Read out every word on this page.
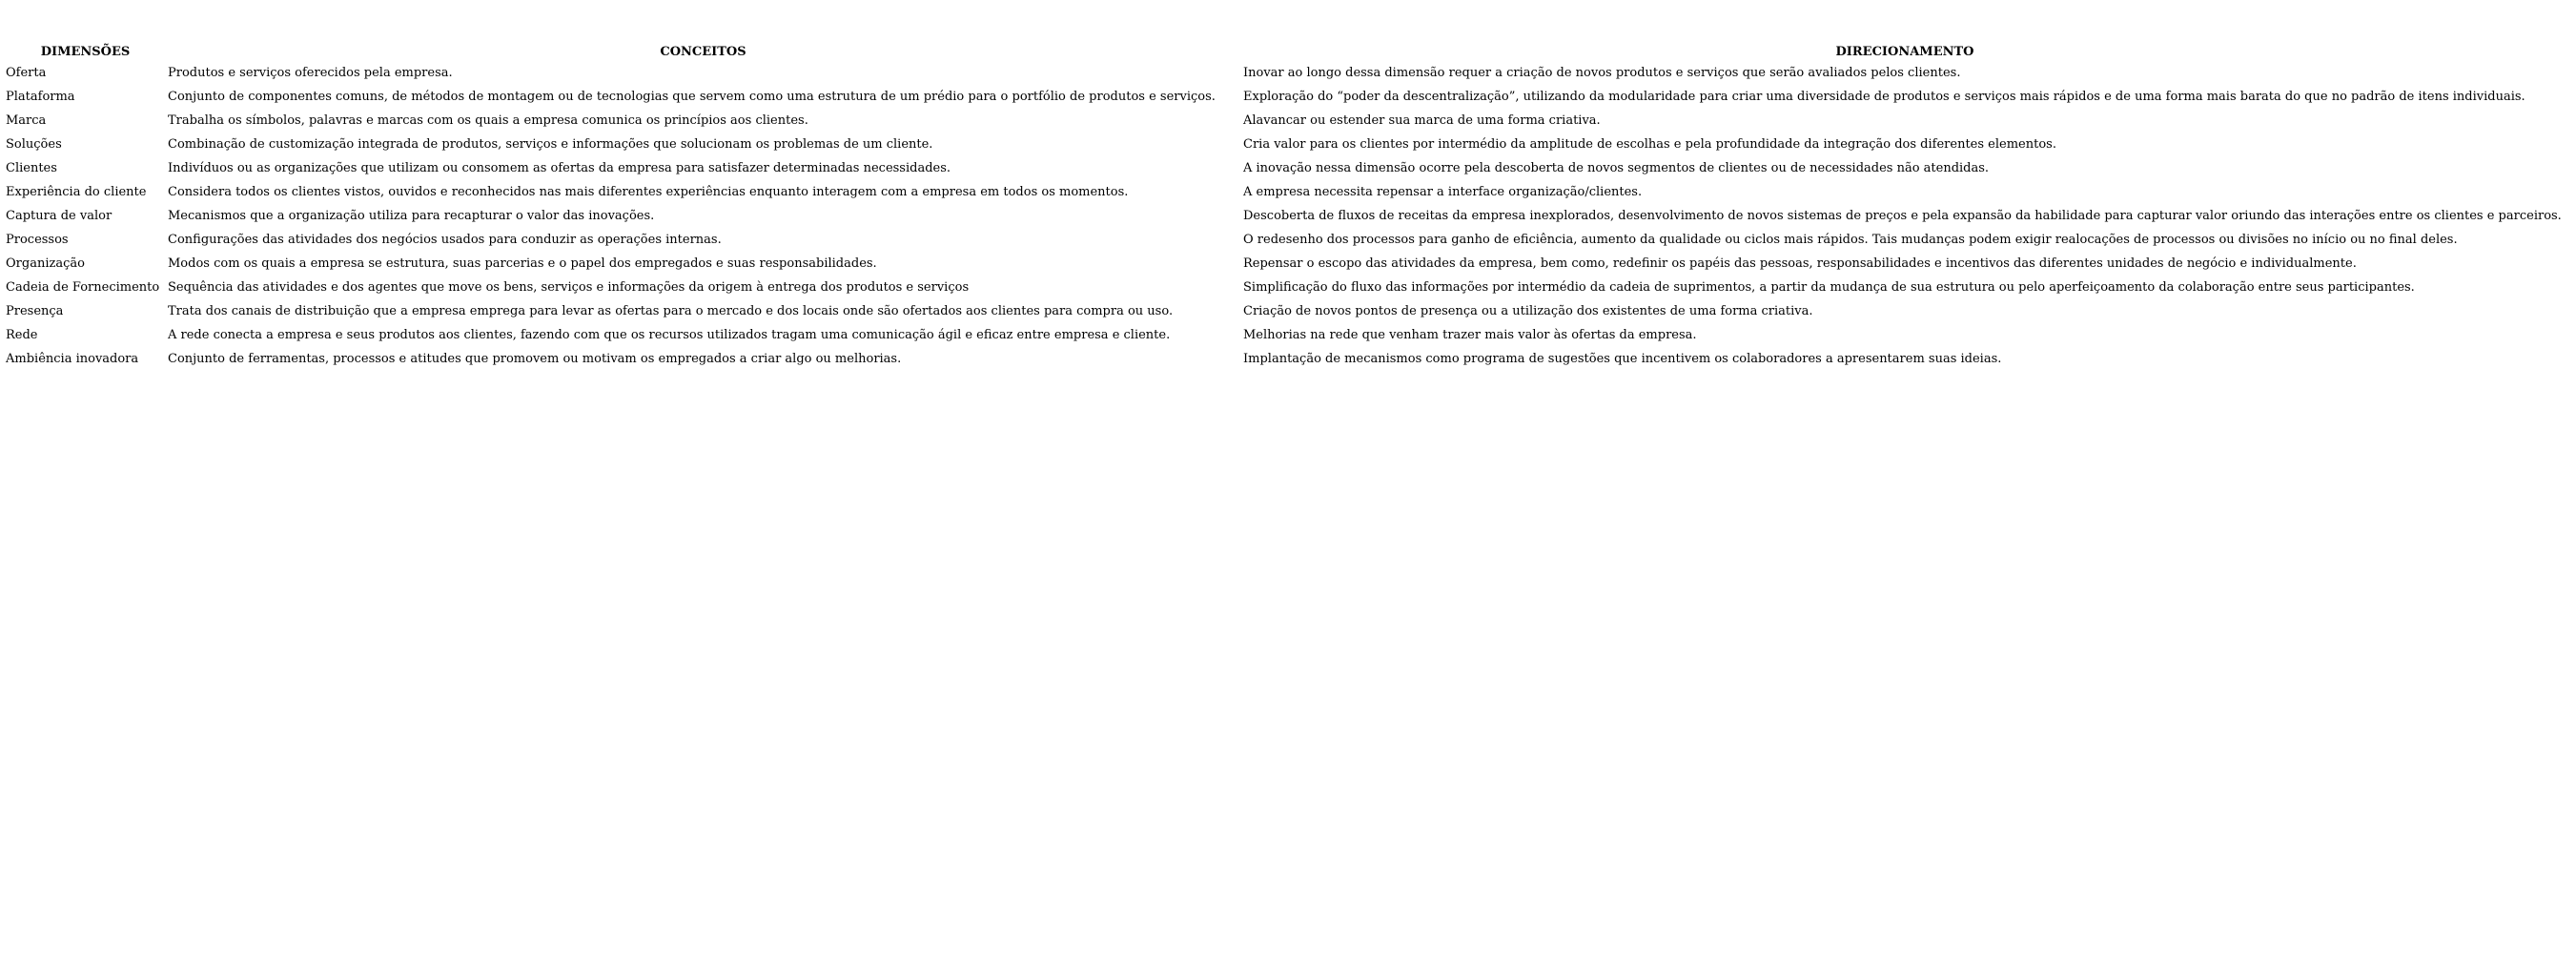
DIMENSÕES	CONCEITOS	DIRECIONAMENTO
Oferta	Produtos e serviços oferecidos pela empresa.	Inovar ao longo dessa dimensão requer a criação de novos produtos e serviços que serão avaliados pelos clientes.
Plataforma	Conjunto de componentes comuns, de métodos de montagem ou de tecnologias que servem como uma estrutura de um prédio para o portfólio de produtos e serviços.	Exploração do “poder da descentralização”, utilizando da modularidade para criar uma diversidade de produtos e serviços mais rápidos e de uma forma mais barata do que no padrão de itens individuais.
Marca	Trabalha os símbolos, palavras e marcas com os quais a empresa comunica os princípios aos clientes.	Alavancar ou estender sua marca de uma forma criativa.
Soluções	Combinação de customização integrada de produtos, serviços e informações que solucionam os problemas de um cliente.	Cria valor para os clientes por intermédio da amplitude de escolhas e pela profundidade da integração dos diferentes elementos.
Clientes	Indivíduos ou as organizações que utilizam ou consomem as ofertas da empresa para satisfazer determinadas necessidades.	A inovação nessa dimensão ocorre pela descoberta de novos segmentos de clientes ou de necessidades não atendidas.
Experiência do cliente	Considera todos os clientes vistos, ouvidos e reconhecidos nas mais diferentes experiências enquanto interagem com a empresa em todos os momentos.	A empresa necessita repensar a interface organização/clientes.
Captura de valor	Mecanismos que a organização utiliza para recapturar o valor das inovações.	Descoberta de fluxos de receitas da empresa inexplorados, desenvolvimento de novos sistemas de preços e pela expansão da habilidade para capturar valor oriundo das interações entre os clientes e parceiros.
Processos	Configurações das atividades dos negócios usados para conduzir as operações internas.	O redesenho dos processos para ganho de eficiência, aumento da qualidade ou ciclos mais rápidos. Tais mudanças podem exigir realocações de processos ou divisões no início ou no final deles.
Organização	Modos com os quais a empresa se estrutura, suas parcerias e o papel dos empregados e suas responsabilidades.	Repensar o escopo das atividades da empresa, bem como, redefinir os papéis das pessoas, responsabilidades e incentivos das diferentes unidades de negócio e individualmente.
Cadeia de Fornecimento	Sequência das atividades e dos agentes que move os bens, serviços e informações da origem à entrega dos produtos e serviços	Simplificação do fluxo das informações por intermédio da cadeia de suprimentos, a partir da mudança de sua estrutura ou pelo aperfeiçoamento da colaboração entre seus participantes.
Presença	Trata dos canais de distribuição que a empresa emprega para levar as ofertas para o mercado e dos locais onde são ofertados aos clientes para compra ou uso.	Criação de novos pontos de presença ou a utilização dos existentes de uma forma criativa.
Rede	A rede conecta a empresa e seus produtos aos clientes, fazendo com que os recursos utilizados tragam uma comunicação ágil e eficaz entre empresa e cliente.	Melhorias na rede que venham trazer mais valor às ofertas da empresa.
Ambiência inovadora	Conjunto de ferramentas, processos e atitudes que promovem ou motivam os empregados a criar algo ou melhorias.	Implantação de mecanismos como programa de sugestões que incentivem os colaboradores a apresentarem suas ideias.
